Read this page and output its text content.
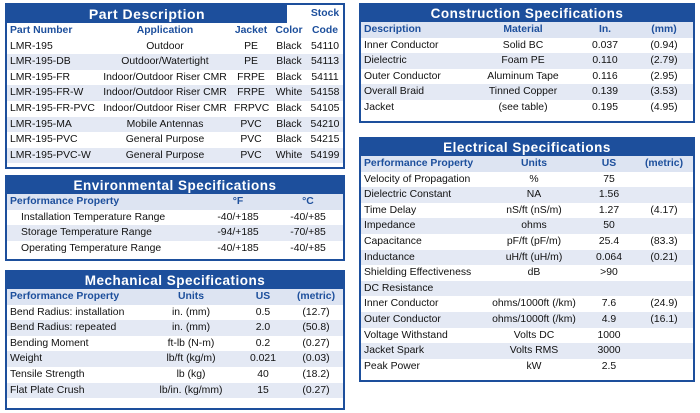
Part Description
					Stock
Part Number	Application	Jacket	Color	Code
LMR-195	Outdoor	PE	Black	54110
LMR-195-DB	Outdoor/Watertight	PE	Black	54113
LMR-195-FR	Indoor/Outdoor Riser CMR	FRPE	Black	54111
LMR-195-FR-W	Indoor/Outdoor Riser CMR	FRPE	White	54158
LMR-195-FR-PVC	Indoor/Outdoor Riser CMR	FRPVC	Black	54105
LMR-195-MA	Mobile Antennas	PVC	Black	54210
LMR-195-PVC	General Purpose	PVC	Black	54215
LMR-195-PVC-W	General Purpose	PVC	White	54199
Environmental Specifications
Performance Property	°F	°C
Installation Temperature Range	-40/+185	-40/+85
Storage Temperature Range	-94/+185	-70/+85
Operating Temperature Range	-40/+185	-40/+85
Mechanical Specifications
Performance Property	Units	US	(metric)
Bend Radius: installation	in. (mm)	0.5	(12.7)
Bend Radius: repeated	in. (mm)	2.0	(50.8)
Bending Moment	ft-lb (N-m)	0.2	(0.27)
Weight	lb/ft (kg/m)	0.021	(0.03)
Tensile Strength	lb (kg)	40	(18.2)
Flat Plate Crush	lb/in. (kg/mm)	15	(0.27)
Construction Specifications
Description	Material	In.	(mm)
Inner Conductor	Solid BC	0.037	(0.94)
Dielectric	Foam PE	0.110	(2.79)
Outer Conductor	Aluminum Tape	0.116	(2.95)
Overall Braid	Tinned Copper	0.139	(3.53)
Jacket	(see table)	0.195	(4.95)
Electrical Specifications
Performance Property	Units	US	(metric)
Velocity of Propagation	%	75	
Dielectric Constant	NA	1.56	
Time Delay	nS/ft (nS/m)	1.27	(4.17)
Impedance	ohms	50	
Capacitance	pF/ft (pF/m)	25.4	(83.3)
Inductance	uH/ft (uH/m)	0.064	(0.21)
Shielding Effectiveness	dB	>90	
DC Resistance			
Inner Conductor	ohms/1000ft (/km)	7.6	(24.9)
Outer Conductor	ohms/1000ft (/km)	4.9	(16.1)
Voltage Withstand	Volts DC	1000	
Jacket Spark	Volts RMS	3000	
Peak Power	kW	2.5	
